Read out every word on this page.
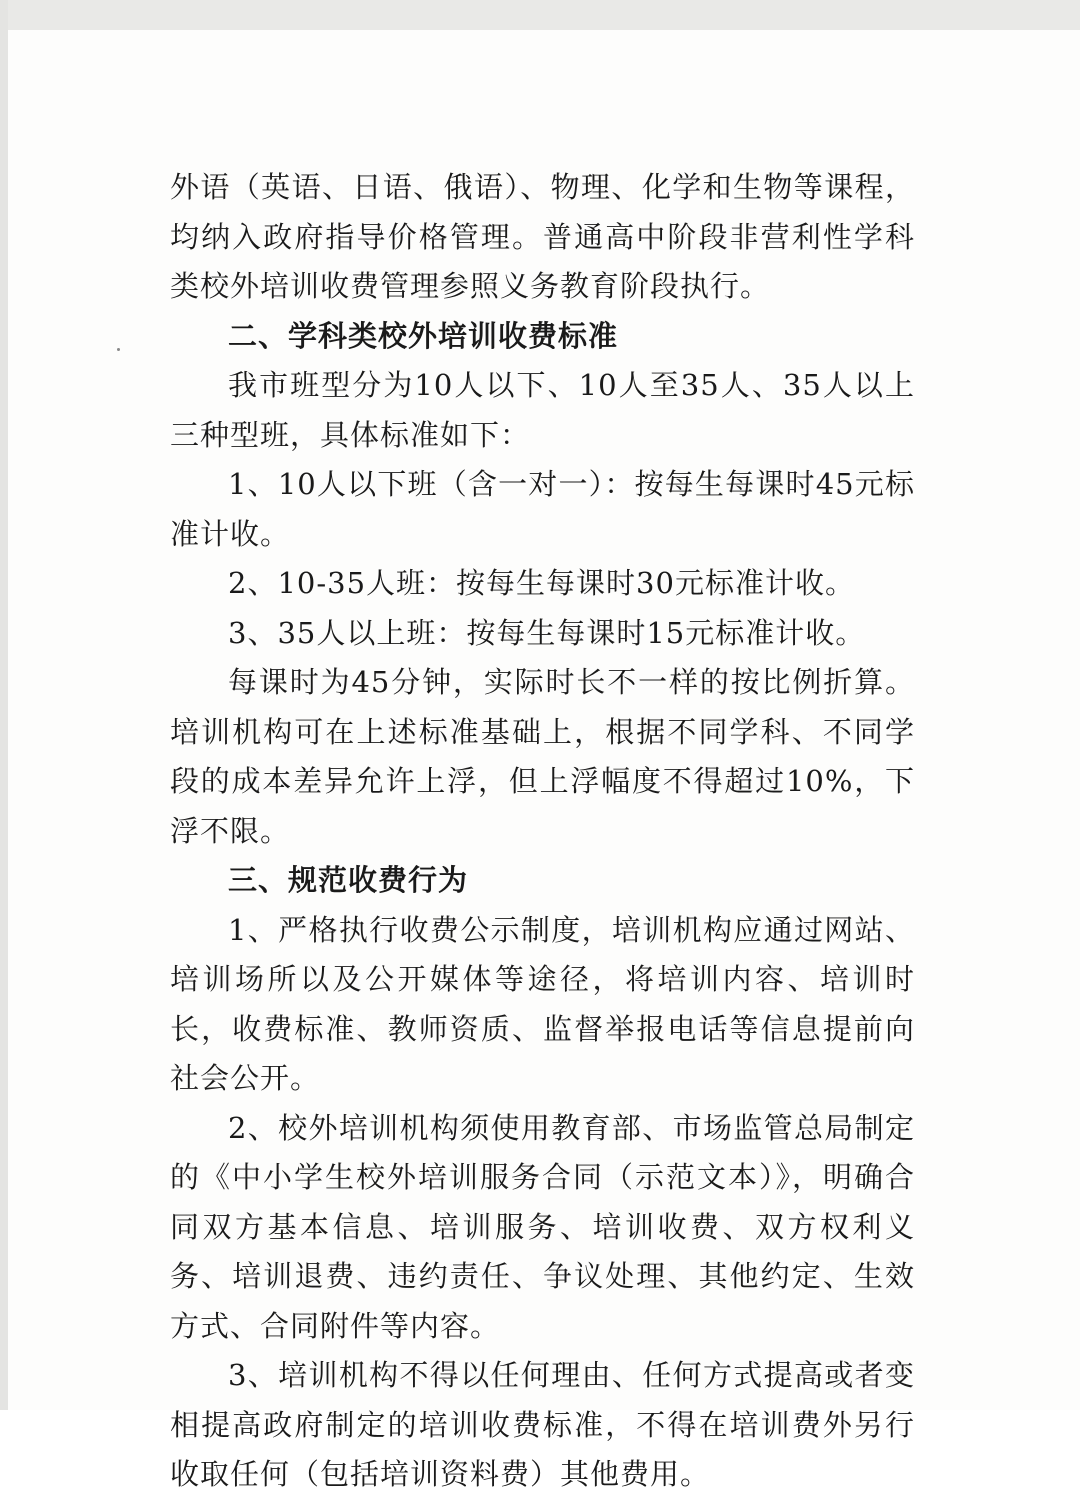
外语（英语、日语、俄语）、物理、化学和生物等课程，均纳入政府指导价格管理。普通高中阶段非营利性学科类校外培训收费管理参照义务教育阶段执行。

二、学科类校外培训收费标准

我市班型分为10人以下、10人至35人、35人以上三种型班，具体标准如下：

1、10人以下班（含一对一）：按每生每课时45元标准计收。

2、10-35人班：按每生每课时30元标准计收。

3、35人以上班：按每生每课时15元标准计收。

每课时为45分钟，实际时长不一样的按比例折算。培训机构可在上述标准基础上，根据不同学科、不同学段的成本差异允许上浮，但上浮幅度不得超过10%，下浮不限。

三、规范收费行为

1、严格执行收费公示制度，培训机构应通过网站、培训场所以及公开媒体等途径，将培训内容、培训时长，收费标准、教师资质、监督举报电话等信息提前向社会公开。

2、校外培训机构须使用教育部、市场监管总局制定的《中小学生校外培训服务合同（示范文本）》，明确合同双方基本信息、培训服务、培训收费、双方权利义务、培训退费、违约责任、争议处理、其他约定、生效方式、合同附件等内容。

3、培训机构不得以任何理由、任何方式提高或者变相提高政府制定的培训收费标准，不得在培训费外另行收取任何（包括培训资料费）其他费用。
